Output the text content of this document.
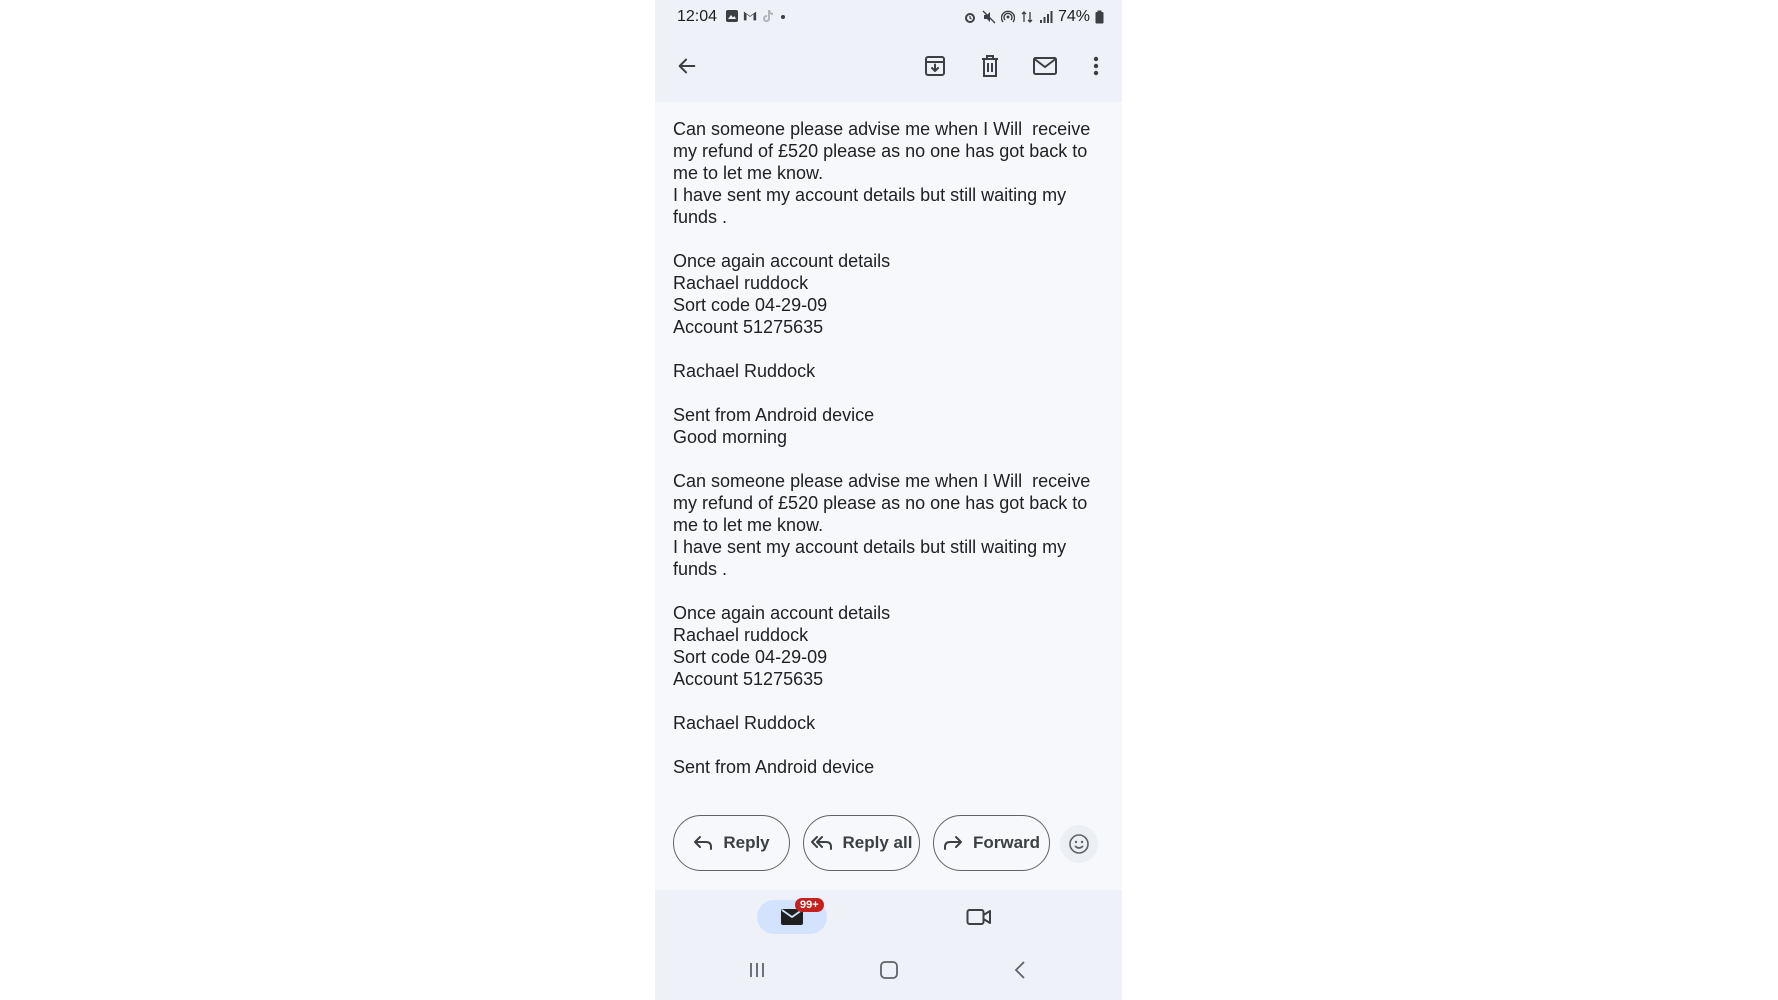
12:04	74%

Can someone please advise me when I Will  receive my refund of £520 please as no one has got back to me to let me know.
I have sent my account details but still waiting my funds .

Once again account details
Rachael ruddock
Sort code 04-29-09
Account 51275635

Rachael Ruddock

Sent from Android device
Good morning

Can someone please advise me when I Will  receive my refund of £520 please as no one has got back to me to let me know.
I have sent my account details but still waiting my funds .

Once again account details
Rachael ruddock
Sort code 04-29-09
Account 51275635

Rachael Ruddock

Sent from Android device

Reply	Reply all	Forward
99+
